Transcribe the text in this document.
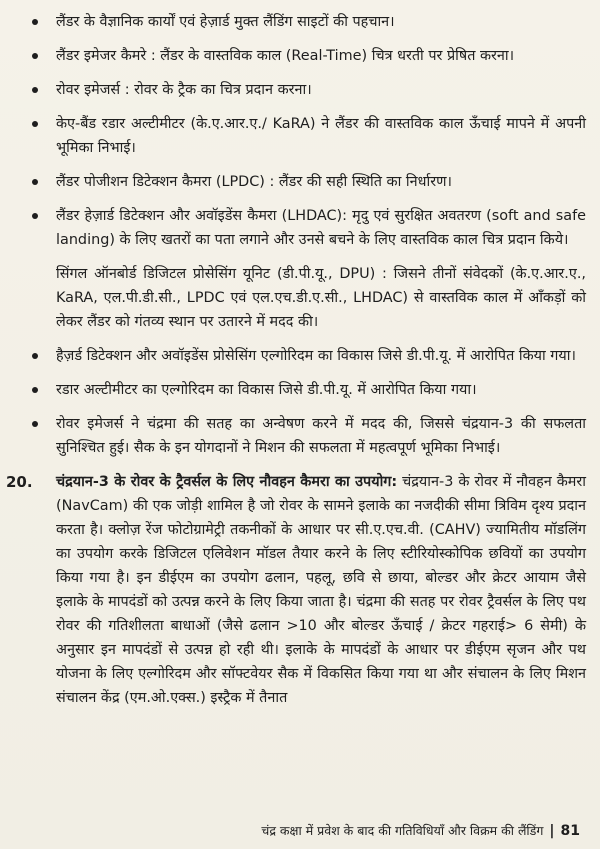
लैंडर के वैज्ञानिक कार्यों एवं हेज़ार्ड मुक्त लैंडिंग साइटों की पहचान।
लैंडर इमेजर कैमरे : लैंडर के वास्तविक काल (Real-Time) चित्र धरती पर प्रेषित करना।
रोवर इमेजर्स : रोवर के ट्रैक का चित्र प्रदान करना।
केए-बैंड रडार अल्टीमीटर (के.ए.आर.ए./ KaRA) ने लैंडर की वास्तविक काल ऊँचाई मापने में अपनी भूमिका निभाई।
लैंडर पोजीशन डिटेक्शन कैमरा (LPDC) : लैंडर की सही स्थिति का निर्धारण।
लैंडर हेज़ार्ड डिटेक्शन और अवॉइडेंस कैमरा (LHDAC): मृदु एवं सुरक्षित अवतरण (soft and safe landing) के लिए खतरों का पता लगाने और उनसे बचने के लिए वास्तविक काल चित्र प्रदान किये।
सिंगल ऑनबोर्ड डिजिटल प्रोसेसिंग यूनिट (डी.पी.यू., DPU) : जिसने तीनों संवेदकों (के.ए.आर.ए., KaRA, एल.पी.डी.सी., LPDC एवं एल.एच.डी.ए.सी., LHDAC) से वास्तविक काल में आँकड़ों को लेकर लैंडर को गंतव्य स्थान पर उतारने में मदद की।
हैज़र्ड डिटेक्शन और अवॉइडेंस प्रोसेसिंग एल्गोरिदम का विकास जिसे डी.पी.यू. में आरोपित किया गया।
रडार अल्टीमीटर का एल्गोरिदम का विकास जिसे डी.पी.यू. में आरोपित किया गया।
रोवर इमेजर्स ने चंद्रमा की सतह का अन्वेषण करने में मदद की, जिससे चंद्रयान-3 की सफलता सुनिश्चित हुई। सैक के इन योगदानों ने मिशन की सफलता में महत्वपूर्ण भूमिका निभाई।
20. चंद्रयान-3 के रोवर के ट्रैवर्सल के लिए नौवहन कैमरा का उपयोग: चंद्रयान-3 के रोवर में नौवहन कैमरा (NavCam) की एक जोड़ी शामिल है जो रोवर के सामने इलाके का नजदीकी सीमा त्रिविम दृश्य प्रदान करता है। क्लोज़ रेंज फोटोग्रामेट्री तकनीकों के आधार पर सी.ए.एच.वी. (CAHV) ज्यामितीय मॉडलिंग का उपयोग करके डिजिटल एलिवेशन मॉडल तैयार करने के लिए स्टीरियोस्कोपिक छवियों का उपयोग किया गया है। इन डीईएम का उपयोग ढलान, पहलू, छवि से छाया, बोल्डर और क्रेटर आयाम जैसे इलाके के मापदंडों को उत्पन्न करने के लिए किया जाता है। चंद्रमा की सतह पर रोवर ट्रैवर्सल के लिए पथ रोवर की गतिशीलता बाधाओं (जैसे ढलान >10 और बोल्डर ऊँचाई / क्रेटर गहराई> 6 सेमी) के अनुसार इन मापदंडों से उत्पन्न हो रही थी। इलाके के मापदंडों के आधार पर डीईएम सृजन और पथ योजना के लिए एल्गोरिदम और सॉफ्टवेयर सैक में विकसित किया गया था और संचालन के लिए मिशन संचालन केंद्र (एम.ओ.एक्स.) इस्ट्रैक में तैनात
चंद्र कक्षा में प्रवेश के बाद की गतिविधियाँ और विक्रम की लैंडिंग | 81
